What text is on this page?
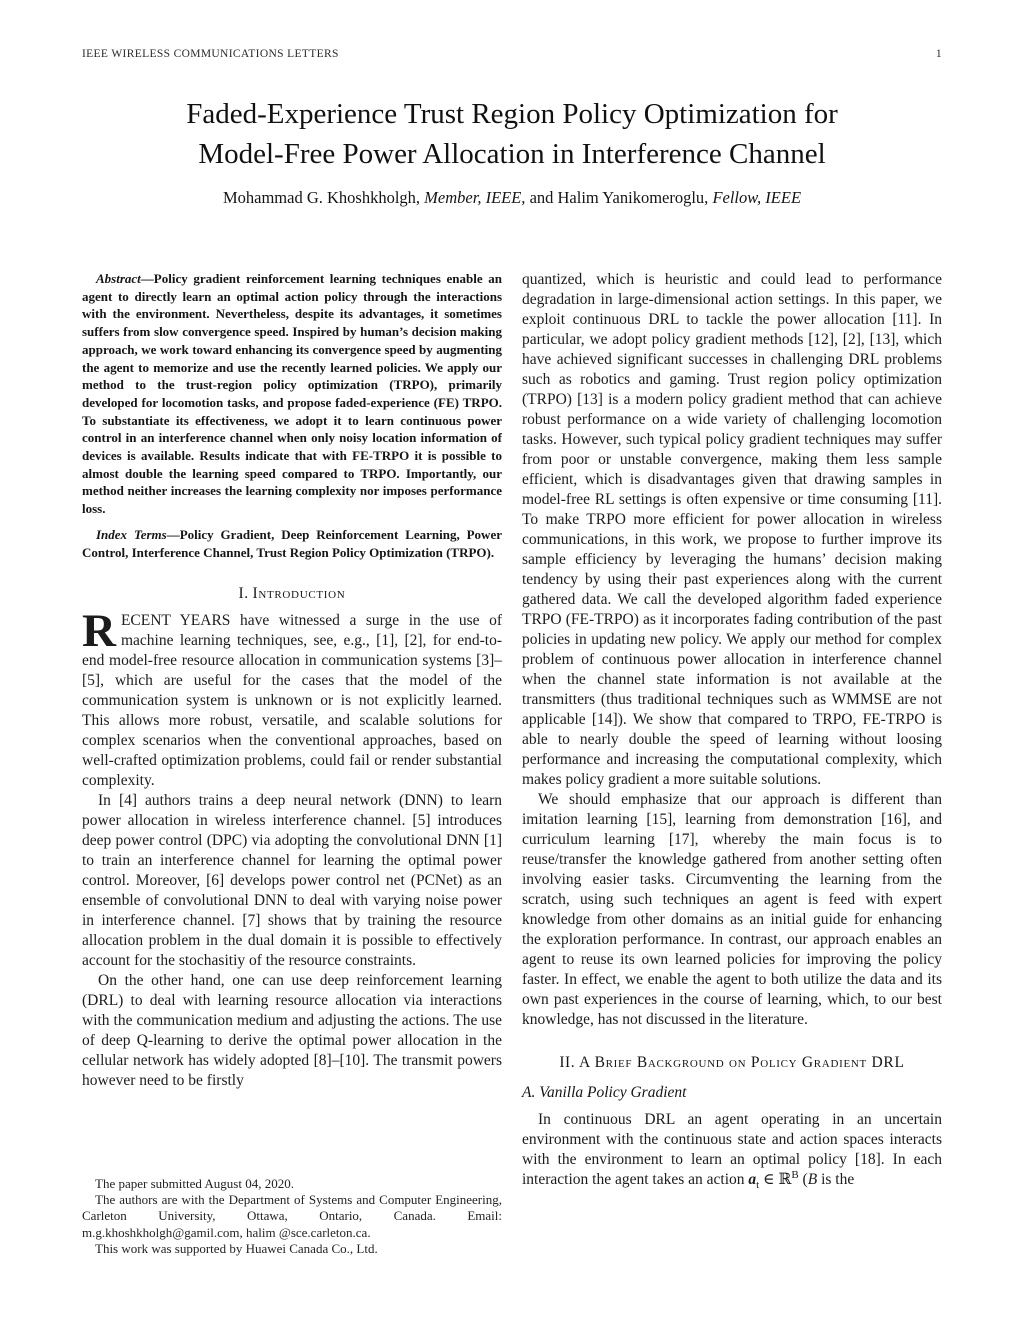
IEEE WIRELESS COMMUNICATIONS LETTERS	1
Faded-Experience Trust Region Policy Optimization for
Model-Free Power Allocation in Interference Channel
Mohammad G. Khoshkholgh, Member, IEEE, and Halim Yanikomeroglu, Fellow, IEEE

Abstract—Policy gradient reinforcement learning techniques enable an agent to directly learn an optimal action policy through the interactions with the environment. Nevertheless, despite its advantages, it sometimes suffers from slow convergence speed. Inspired by human’s decision making approach, we work toward enhancing its convergence speed by augmenting the agent to memorize and use the recently learned policies. We apply our method to the trust-region policy optimization (TRPO), primarily developed for locomotion tasks, and propose faded-experience (FE) TRPO. To substantiate its effectiveness, we adopt it to learn continuous power control in an interference channel when only noisy location information of devices is available. Results indicate that with FE-TRPO it is possible to almost double the learning speed compared to TRPO. Importantly, our method neither increases the learning complexity nor imposes performance loss.

Index Terms—Policy Gradient, Deep Reinforcement Learning, Power Control, Interference Channel, Trust Region Policy Optimization (TRPO).

I. Introduction

RECENT YEARS have witnessed a surge in the use of machine learning techniques, see, e.g., [1], [2], for end-to-end model-free resource allocation in communication systems [3]–[5], which are useful for the cases that the model of the communication system is unknown or is not explicitly learned. This allows more robust, versatile, and scalable solutions for complex scenarios when the conventional approaches, based on well-crafted optimization problems, could fail or render substantial complexity.

In [4] authors trains a deep neural network (DNN) to learn power allocation in wireless interference channel. [5] introduces deep power control (DPC) via adopting the convolutional DNN [1] to train an interference channel for learning the optimal power control. Moreover, [6] develops power control net (PCNet) as an ensemble of convolutional DNN to deal with varying noise power in interference channel. [7] shows that by training the resource allocation problem in the dual domain it is possible to effectively account for the stochasitiy of the resource constraints.

On the other hand, one can use deep reinforcement learning (DRL) to deal with learning resource allocation via interactions with the communication medium and adjusting the actions. The use of deep Q-learning to derive the optimal power allocation in the cellular network has widely adopted [8]–[10]. The transmit powers however need to be firstly

quantized, which is heuristic and could lead to performance degradation in large-dimensional action settings. In this paper, we exploit continuous DRL to tackle the power allocation [11]. In particular, we adopt policy gradient methods [12], [2], [13], which have achieved significant successes in challenging DRL problems such as robotics and gaming. Trust region policy optimization (TRPO) [13] is a modern policy gradient method that can achieve robust performance on a wide variety of challenging locomotion tasks. However, such typical policy gradient techniques may suffer from poor or unstable convergence, making them less sample efficient, which is disadvantages given that drawing samples in model-free RL settings is often expensive or time consuming [11]. To make TRPO more efficient for power allocation in wireless communications, in this work, we propose to further improve its sample efficiency by leveraging the humans’ decision making tendency by using their past experiences along with the current gathered data. We call the developed algorithm faded experience TRPO (FE-TRPO) as it incorporates fading contribution of the past policies in updating new policy. We apply our method for complex problem of continuous power allocation in interference channel when the channel state information is not available at the transmitters (thus traditional techniques such as WMMSE are not applicable [14]). We show that compared to TRPO, FE-TRPO is able to nearly double the speed of learning without loosing performance and increasing the computational complexity, which makes policy gradient a more suitable solutions.

We should emphasize that our approach is different than imitation learning [15], learning from demonstration [16], and curriculum learning [17], whereby the main focus is to reuse/transfer the knowledge gathered from another setting often involving easier tasks. Circumventing the learning from the scratch, using such techniques an agent is feed with expert knowledge from other domains as an initial guide for enhancing the exploration performance. In contrast, our approach enables an agent to reuse its own learned policies for improving the policy faster. In effect, we enable the agent to both utilize the data and its own past experiences in the course of learning, which, to our best knowledge, has not discussed in the literature.

II. A Brief Background on Policy Gradient DRL
A. Vanilla Policy Gradient

In continuous DRL an agent operating in an uncertain environment with the continuous state and action spaces interacts with the environment to learn an optimal policy [18]. In each interaction the agent takes an action $a_t$ ∈ ℝ$^B$ (B is the

The paper submitted August 04, 2020.

The authors are with the Department of Systems and Computer Engineering, Carleton University, Ottawa, Ontario, Canada. Email: m.g.khoshkholgh@gamil.com, halim @sce.carleton.ca.

This work was supported by Huawei Canada Co., Ltd.
